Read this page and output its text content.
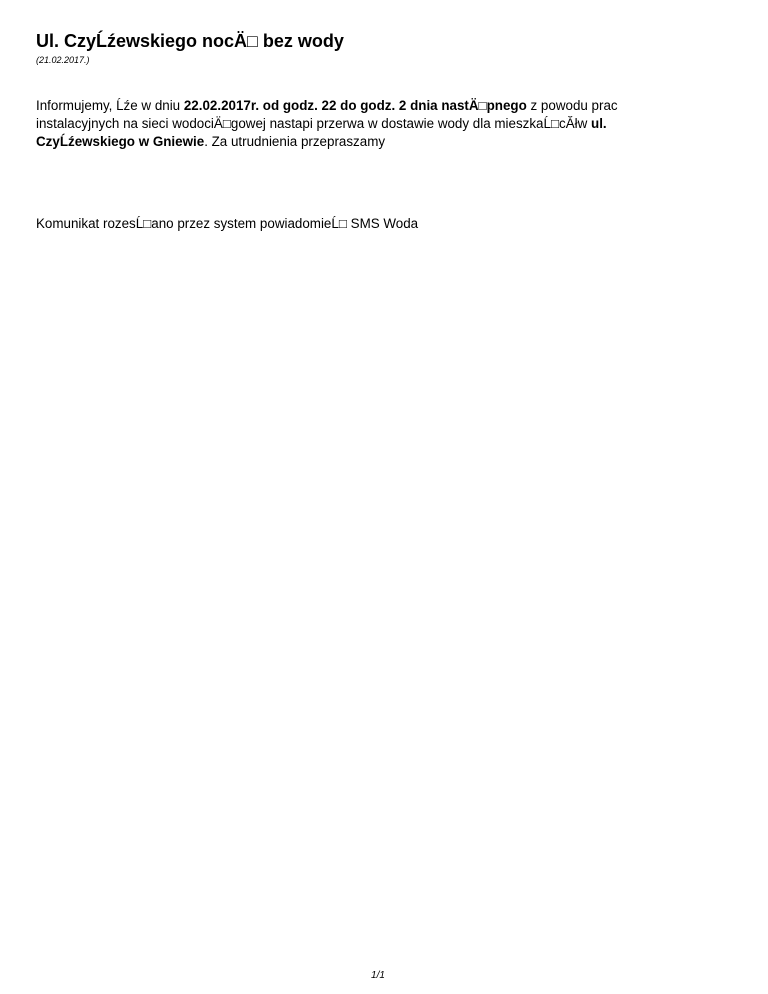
Ul. CzyĹźewskiego nocÄ□ bez wody

(21.02.2017.)

Informujemy, Ĺźe w dniu 22.02.2017r. od godz. 22 do godz. 2 dnia nastÄ□pnego z powodu prac instalacyjnych na sieci wodociÄ□gowej nastapi przerwa w dostawie wody dla mieszkaĹ□cĂłw ul. CzyĹźewskiego w Gniewie. Za utrudnienia przepraszamy

Komunikat rozesĹ□ano przez system powiadomieĹ□ SMS Woda

1/1
